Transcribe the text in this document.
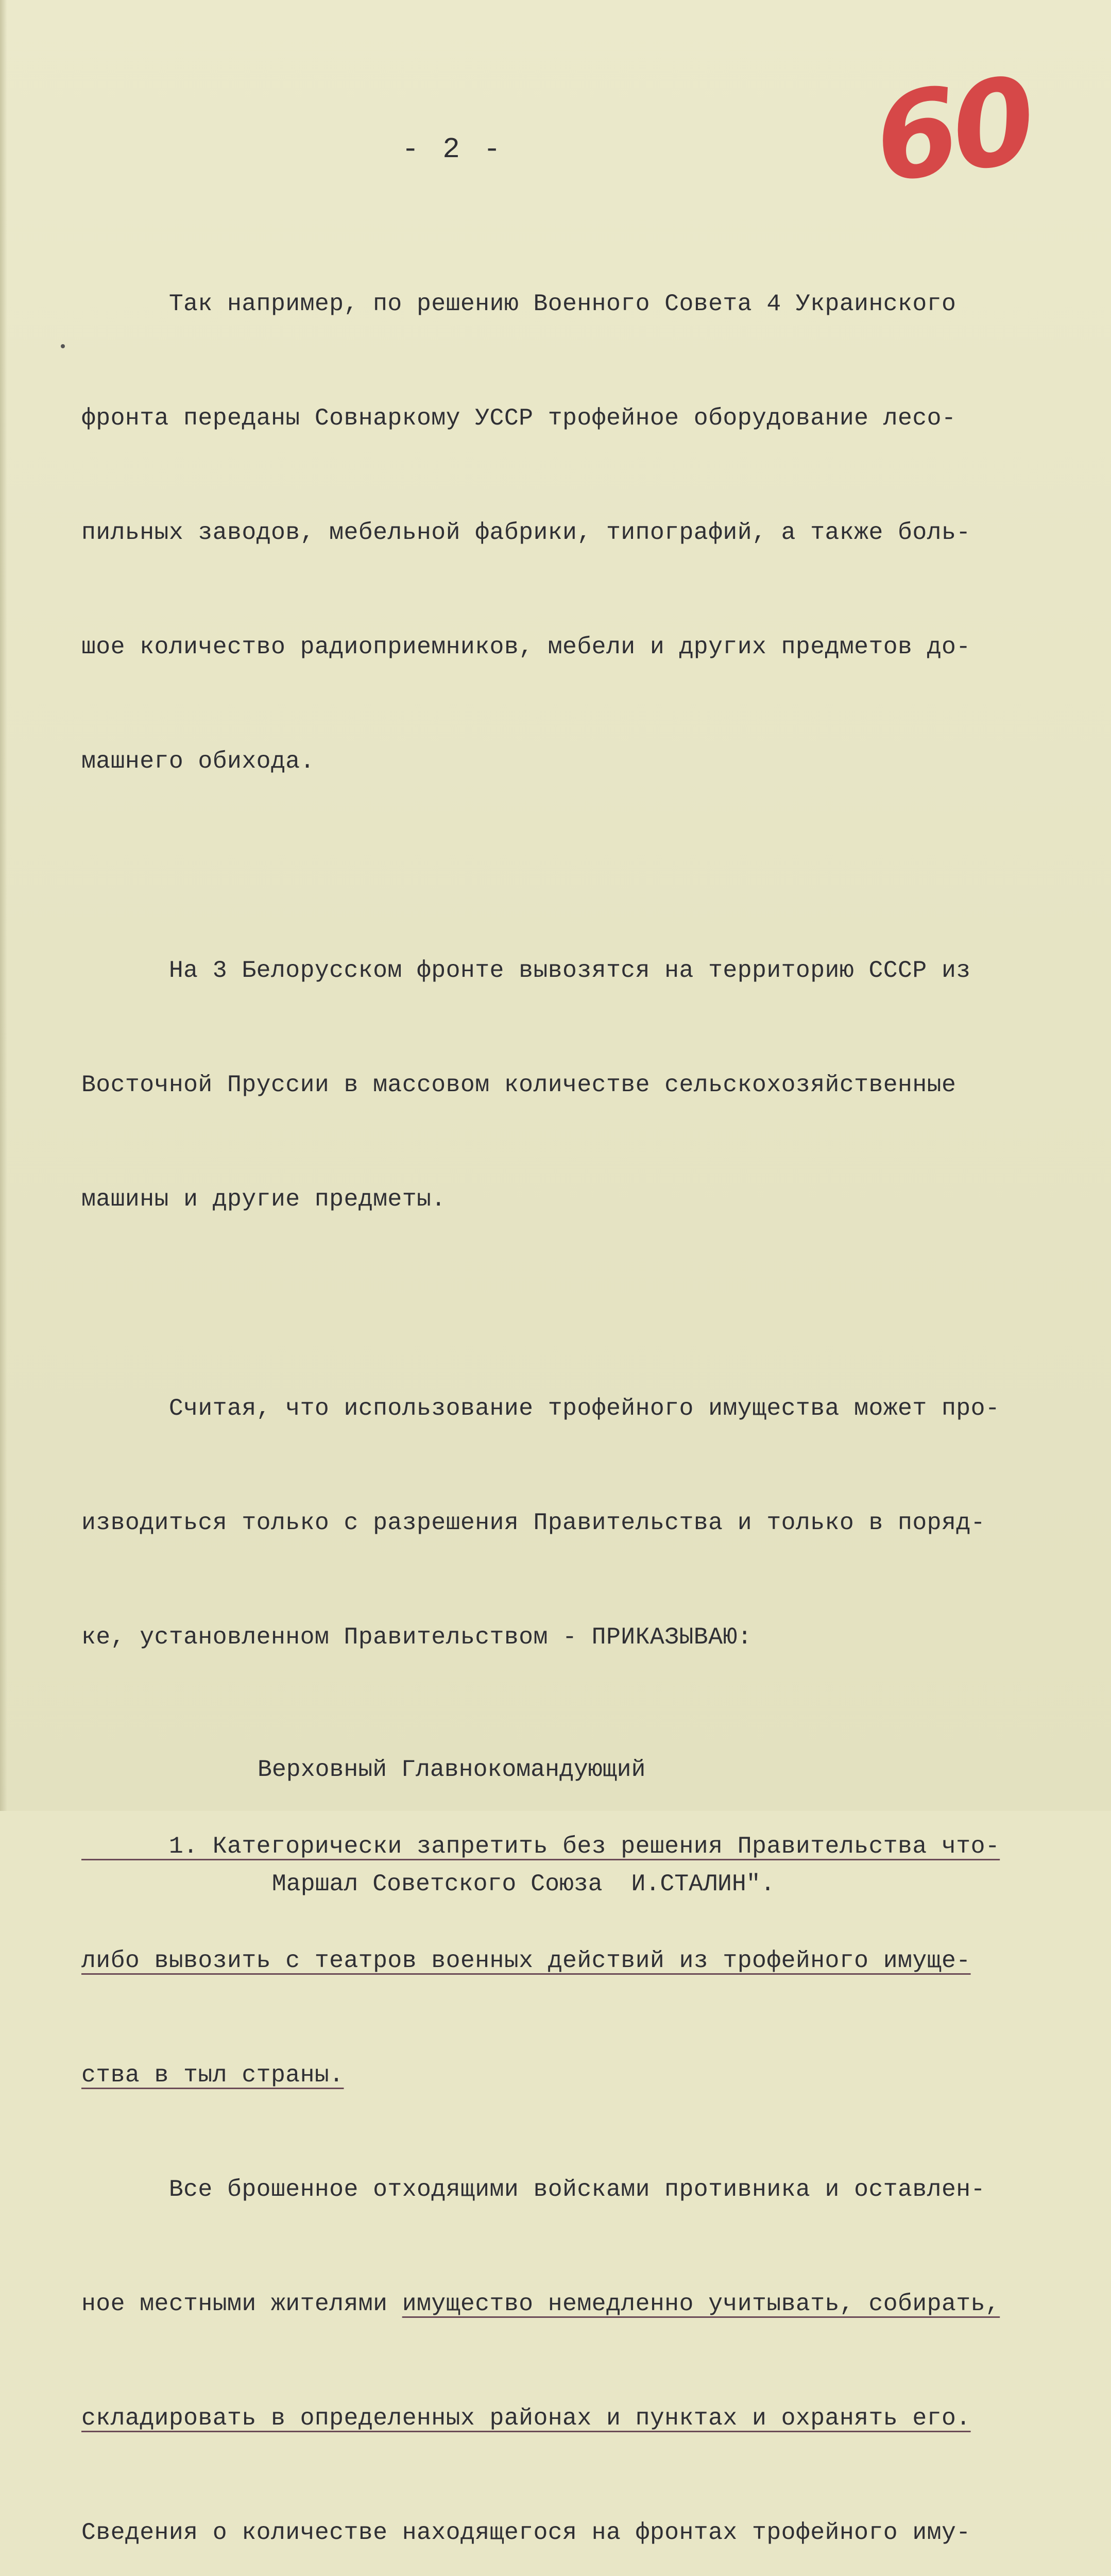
- 2 -	60

Так например, по решению Военного Совета 4 Украинского

фронта переданы Совнаркому УССР трофейное оборудование лесо-

пильных заводов, мебельной фабрики, типографий, а также боль-

шое количество радиоприемников, мебели и других предметов до-

машнего обихода.

На 3 Белорусском фронте вывозятся на территорию СССР из

Восточной Пруссии в массовом количестве сельскохозяйственные

машины и другие предметы.

Считая, что использование трофейного имущества может про-

изводиться только с разрешения Правительства и только в поряд-

ке, установленном Правительством - ПРИКАЗЫВАЮ:

1. Категорически запретить без решения Правительства что-

либо вывозить с театров военных действий из трофейного имуще-

ства в тыл страны.

Все брошенное отходящими войсками противника и оставлен-

ное местными жителями имущество немедленно учитывать, собирать,

складировать в определенных районах и пунктах и охранять его.

Сведения о количестве находящегося на фронтах трофейного иму-

Верховный Главнокомандующий

Маршал Советского Союза  И.СТАЛИН".
